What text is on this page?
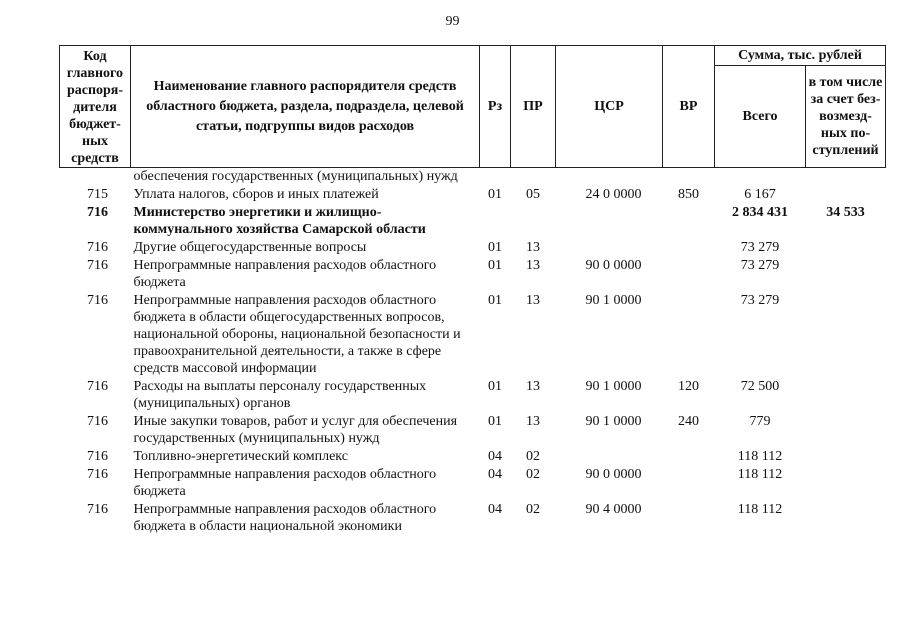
99
Код главного распоря-дителя бюджет-ных средств	Наименование главного распорядителя средств областного бюджета, раздела, подраздела, целевой статьи, подгруппы видов расходов	Рз	ПР	ЦСР	ВР	Сумма, тыс. рублей	
						Всего	в том числе за счет без-возмезд-ных по-ступлений
	обеспечения государственных (муниципальных) нужд						
715	Уплата налогов, сборов и иных платежей	01	05	24 0 0000	850	6 167	
716	Министерство энергетики и жилищно-коммунального хозяйства Самарской области					2 834 431	34 533
716	Другие общегосударственные вопросы	01	13			73 279	
716	Непрограммные направления расходов областного бюджета	01	13	90 0 0000		73 279	
716	Непрограммные направления расходов областного бюджета в области общегосударственных вопросов, национальной обороны, национальной безопасности и правоохранительной деятельности, а также в сфере средств массовой информации	01	13	90 1 0000		73 279	
716	Расходы на выплаты персоналу государственных (муниципальных) органов	01	13	90 1 0000	120	72 500	
716	Иные закупки товаров, работ и услуг для обеспечения государственных (муниципальных) нужд	01	13	90 1 0000	240	779	
716	Топливно-энергетический комплекс	04	02			118 112	
716	Непрограммные направления расходов областного бюджета	04	02	90 0 0000		118 112	
716	Непрограммные направления расходов областного бюджета в области национальной экономики	04	02	90 4 0000		118 112	
